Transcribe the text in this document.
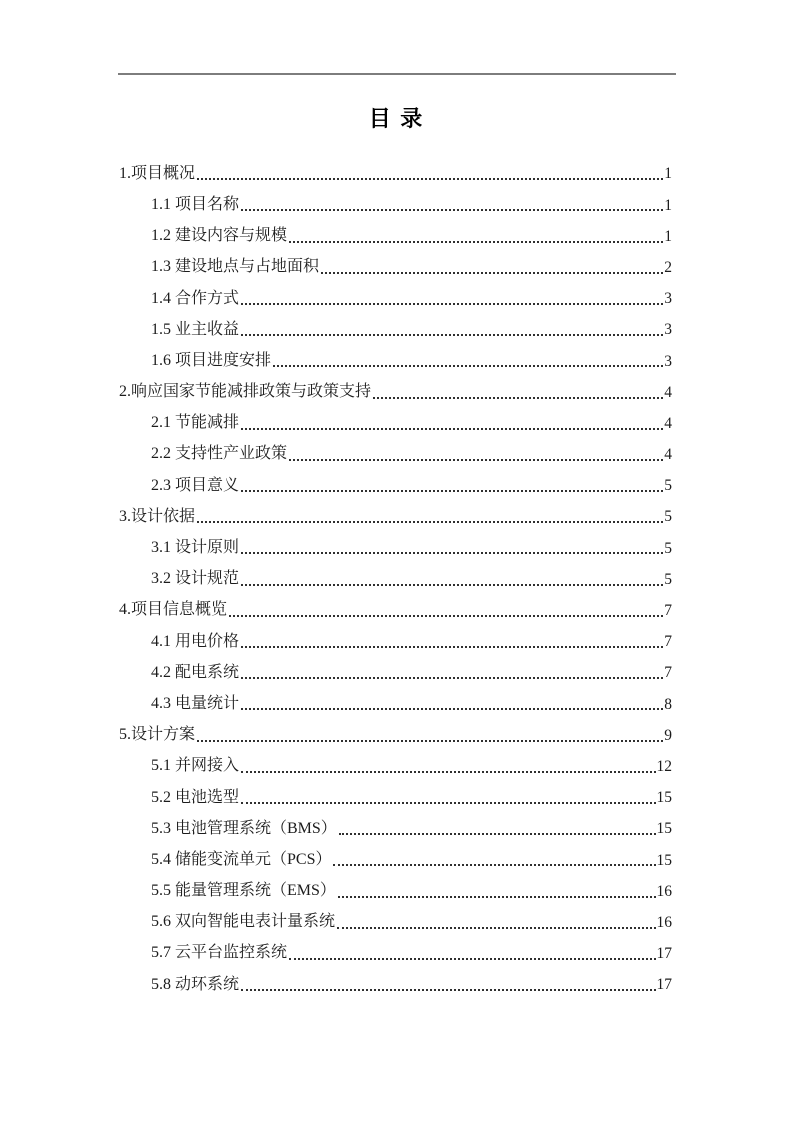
目 录
1.项目概况	1
1.1 项目名称	1
1.2 建设内容与规模	1
1.3 建设地点与占地面积	2
1.4 合作方式	3
1.5 业主收益	3
1.6 项目进度安排	3
2.响应国家节能减排政策与政策支持	4
2.1 节能减排	4
2.2 支持性产业政策	4
2.3 项目意义	5
3.设计依据	5
3.1 设计原则	5
3.2 设计规范	5
4.项目信息概览	7
4.1 用电价格	7
4.2 配电系统	7
4.3 电量统计	8
5.设计方案	9
5.1 并网接入	12
5.2 电池选型	15
5.3 电池管理系统（BMS）	15
5.4 储能变流单元（PCS）	15
5.5 能量管理系统（EMS）	16
5.6 双向智能电表计量系统	16
5.7 云平台监控系统	17
5.8 动环系统	17
